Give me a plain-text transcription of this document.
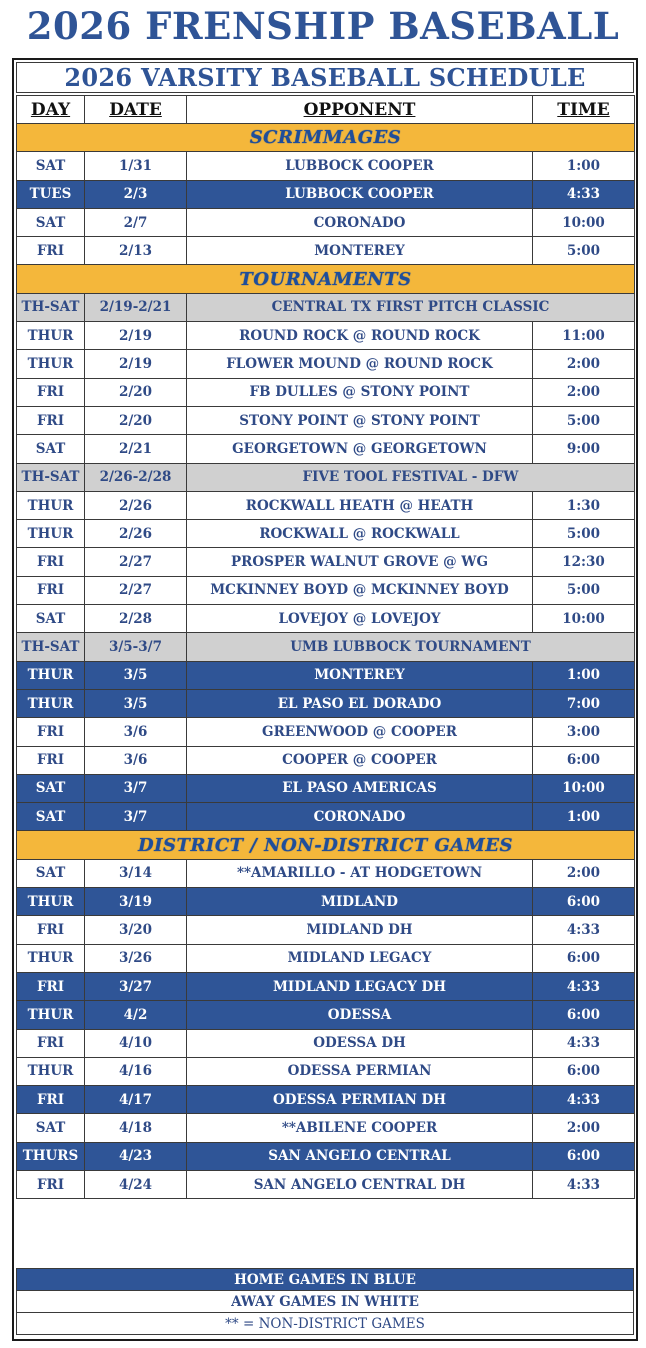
2026 FRENSHIP BASEBALL
2026 VARSITY BASEBALL SCHEDULE
DAY	DATE	OPPONENT	TIME
SCRIMMAGES			
SAT	1/31	LUBBOCK COOPER	1:00
TUES	2/3	LUBBOCK COOPER	4:33
SAT	2/7	CORONADO	10:00
FRI	2/13	MONTEREY	5:00
TOURNAMENTS			
TH-SAT	2/19-2/21	CENTRAL TX FIRST PITCH CLASSIC	
THUR	2/19	ROUND ROCK @ ROUND ROCK	11:00
THUR	2/19	FLOWER MOUND @ ROUND ROCK	2:00
FRI	2/20	FB DULLES @ STONY POINT	2:00
FRI	2/20	STONY POINT @ STONY POINT	5:00
SAT	2/21	GEORGETOWN @ GEORGETOWN	9:00
TH-SAT	2/26-2/28	FIVE TOOL FESTIVAL - DFW	
THUR	2/26	ROCKWALL HEATH @ HEATH	1:30
THUR	2/26	ROCKWALL @ ROCKWALL	5:00
FRI	2/27	PROSPER WALNUT GROVE @ WG	12:30
FRI	2/27	MCKINNEY BOYD @ MCKINNEY BOYD	5:00
SAT	2/28	LOVEJOY @ LOVEJOY	10:00
TH-SAT	3/5-3/7	UMB LUBBOCK TOURNAMENT	
THUR	3/5	MONTEREY	1:00
THUR	3/5	EL PASO EL DORADO	7:00
FRI	3/6	GREENWOOD @ COOPER	3:00
FRI	3/6	COOPER @ COOPER	6:00
SAT	3/7	EL PASO AMERICAS	10:00
SAT	3/7	CORONADO	1:00
DISTRICT / NON-DISTRICT GAMES			
SAT	3/14	**AMARILLO - AT HODGETOWN	2:00
THUR	3/19	MIDLAND	6:00
FRI	3/20	MIDLAND DH	4:33
THUR	3/26	MIDLAND LEGACY	6:00
FRI	3/27	MIDLAND LEGACY DH	4:33
THUR	4/2	ODESSA	6:00
FRI	4/10	ODESSA DH	4:33
THUR	4/16	ODESSA PERMIAN	6:00
FRI	4/17	ODESSA PERMIAN DH	4:33
SAT	4/18	**ABILENE COOPER	2:00
THURS	4/23	SAN ANGELO CENTRAL	6:00
FRI	4/24	SAN ANGELO CENTRAL DH	4:33
HOME GAMES IN BLUE
AWAY GAMES IN WHITE
** = NON-DISTRICT GAMES
